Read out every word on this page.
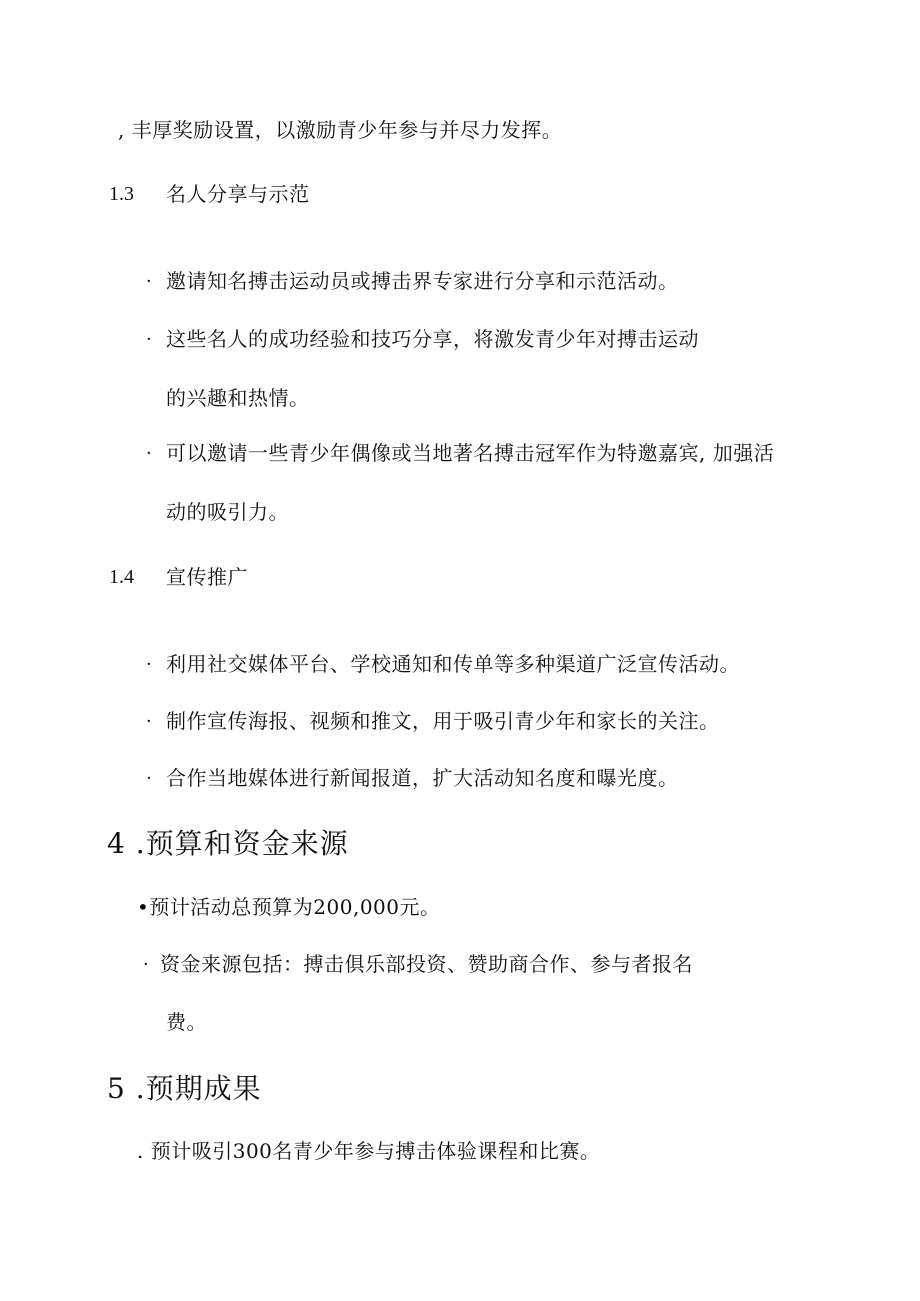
, 丰厚奖励设置，以激励青少年参与并尽力发挥。
1.3 名人分享与示范
· 邀请知名搏击运动员或搏击界专家进行分享和示范活动。
· 这些名人的成功经验和技巧分享，将激发青少年对搏击运动
的兴趣和热情。
· 可以邀请一些青少年偶像或当地著名搏击冠军作为特邀嘉宾, 加强活
动的吸引力。
1.4 宣传推广
· 利用社交媒体平台、学校通知和传单等多种渠道广泛宣传活动。
· 制作宣传海报、视频和推文，用于吸引青少年和家长的关注。
· 合作当地媒体进行新闻报道，扩大活动知名度和曝光度。
4 .预算和资金来源
•预计活动总预算为200,000元。
· 资金来源包括：搏击俱乐部投资、赞助商合作、参与者报名
费。
5 .预期成果
. 预计吸引300名青少年参与搏击体验课程和比赛。
